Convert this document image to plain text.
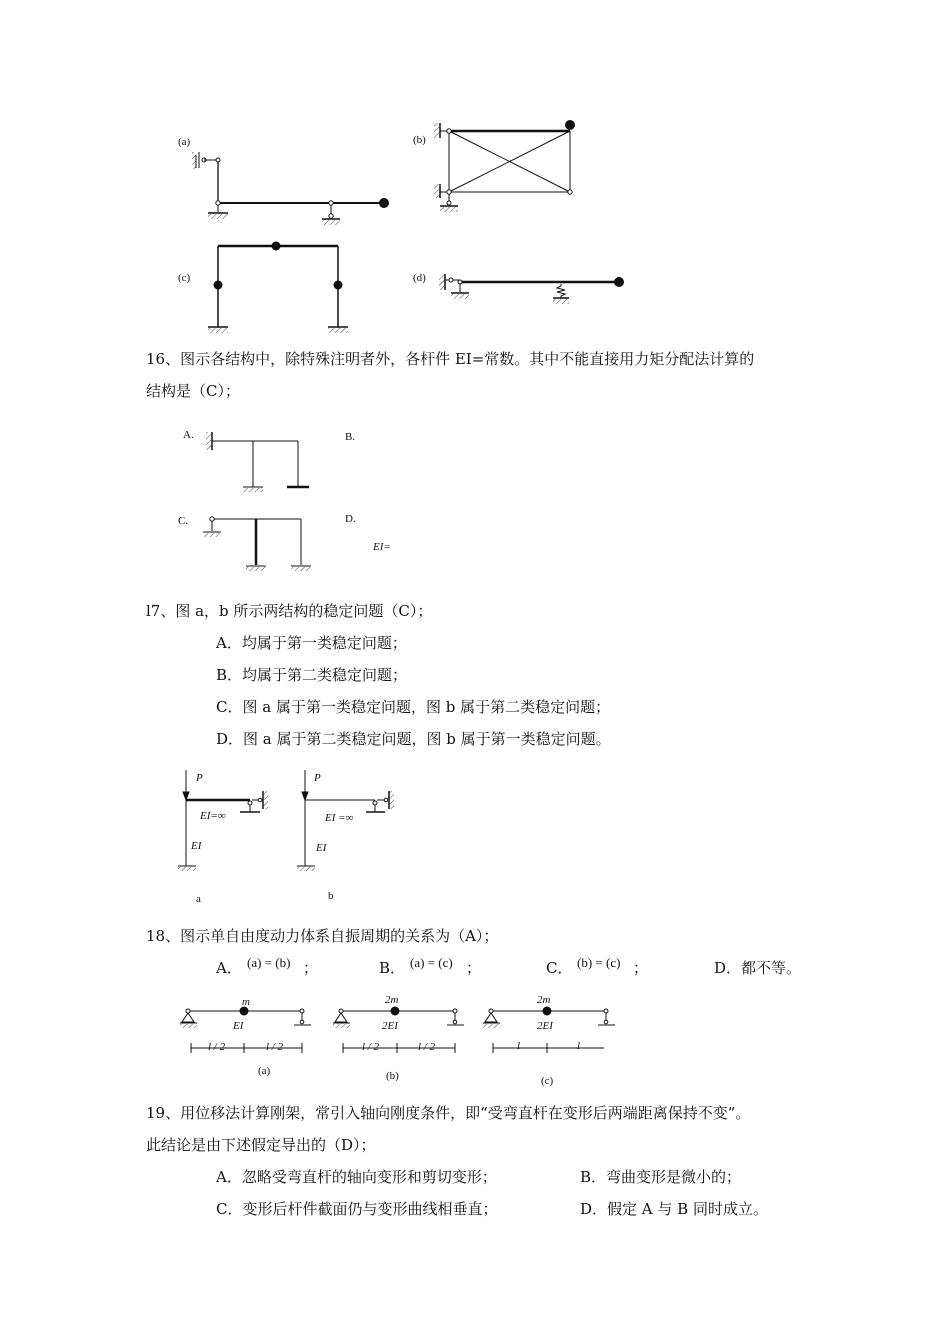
(a)	(b)
(c)	(d)
16、图示各结构中，除特殊注明者外，各杆件 EI=常数。其中不能直接用力矩分配法计算的
结构是（C）；
A.	B.
C.	D.
EI=
l7、图 a，b 所示两结构的稳定问题（C）；
A．均属于第一类稳定问题；
B．均属于第二类稳定问题；
C．图 a 属于第一类稳定问题，图 b 属于第二类稳定问题；
D．图 a 属于第二类稳定问题，图 b 属于第一类稳定问题。
P
EI=∞
EI
a
P
EI =∞
EI
b
18、图示单自由度动力体系自振周期的关系为（A）；
A． (a) = (b) ；	B． (a) = (c) ；	C． (b) = (c) ；	D．都不等。
m
EI
l / 2	l / 2
(a)
2m
2EI
l / 2	l / 2
(b)
2m
2EI
l	l
(c)
19、用位移法计算刚架，常引入轴向刚度条件，即“受弯直杆在变形后两端距离保持不变”。
此结论是由下述假定导出的（D）；
A．忽略受弯直杆的轴向变形和剪切变形；	B．弯曲变形是微小的；
C．变形后杆件截面仍与变形曲线相垂直；	D．假定 A 与 B 同时成立。
